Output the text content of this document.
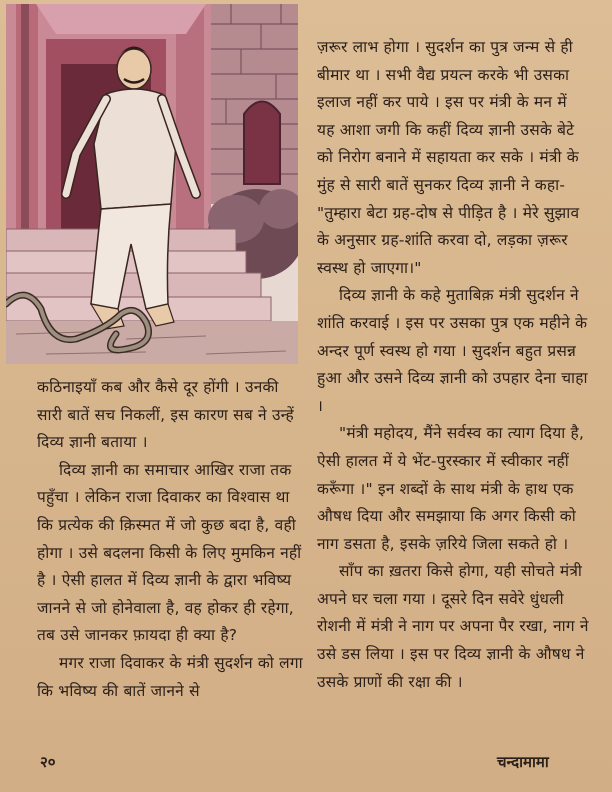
ज़रूर लाभ होगा । सुदर्शन का पुत्र जन्म से ही बीमार था । सभी वैद्य प्रयत्न करके भी उसका इलाज नहीं कर पाये । इस पर मंत्री के मन में यह आशा जगी कि कहीं दिव्य ज्ञानी उसके बेटे को निरोग बनाने में सहायता कर सके । मंत्री के मुंह से सारी बातें सुनकर दिव्य ज्ञानी ने कहा-"तुम्हारा बेटा ग्रह-दोष से पीड़ित है । मेरे सुझाव के अनुसार ग्रह-शांति करवा दो, लड़का ज़रूर स्वस्थ हो जाएगा।"

दिव्य ज्ञानी के कहे मुताबिक़ मंत्री सुदर्शन ने शांति करवाई । इस पर उसका पुत्र एक महीने के अन्दर पूर्ण स्वस्थ हो गया । सुदर्शन बहुत प्रसन्न हुआ और उसने दिव्य ज्ञानी को उपहार देना चाहा ।

"मंत्री महोदय, मैंने सर्वस्व का त्याग दिया है, ऐसी हालत में ये भेंट-पुरस्कार में स्वीकार नहीं करूँगा ।" इन शब्दों के साथ मंत्री के हाथ एक औषध दिया और समझाया कि अगर किसी को नाग डसता है, इसके ज़रिये जिला सकते हो ।

साँप का ख़तरा किसे होगा, यही सोचते मंत्री अपने घर चला गया । दूसरे दिन सवेरे धुंधली रोशनी में मंत्री ने नाग पर अपना पैर रखा, नाग ने उसे डस लिया । इस पर दिव्य ज्ञानी के औषध ने उसके प्राणों की रक्षा की ।

कठिनाइयाँ कब और कैसे दूर होंगी । उनकी सारी बातें सच निकलीं, इस कारण सब ने उन्हें दिव्य ज्ञानी बताया ।

दिव्य ज्ञानी का समाचार आखिर राजा तक पहुँचा । लेकिन राजा दिवाकर का विश्वास था कि प्रत्येक की क़िस्मत में जो कुछ बदा है, वही होगा । उसे बदलना किसी के लिए मुमकिन नहीं है । ऐसी हालत में दिव्य ज्ञानी के द्वारा भविष्य जानने से जो होनेवाला है, वह होकर ही रहेगा, तब उसे जानकर फ़ायदा ही क्या है?

मगर राजा दिवाकर के मंत्री सुदर्शन को लगा कि भविष्य की बातें जानने से

२०	चन्दामामा
